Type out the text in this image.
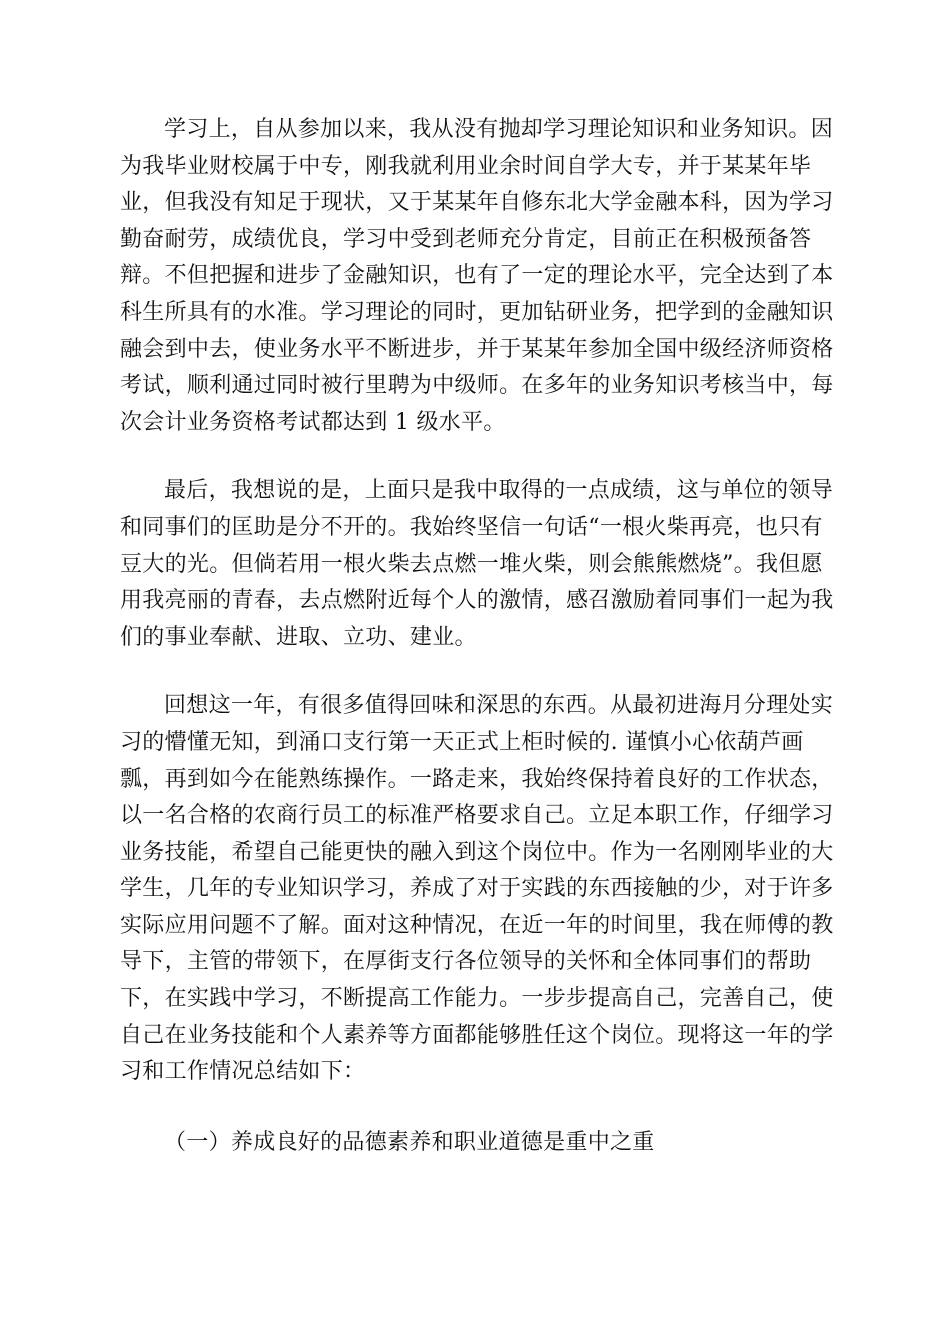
学习上，自从参加以来，我从没有抛却学习理论知识和业务知识。因
为我毕业财校属于中专，刚我就利用业余时间自学大专，并于某某年毕
业，但我没有知足于现状，又于某某年自修东北大学金融本科，因为学习
勤奋耐劳，成绩优良，学习中受到老师充分肯定，目前正在积极预备答
辩。不但把握和进步了金融知识，也有了一定的理论水平，完全达到了本
科生所具有的水准。学习理论的同时，更加钻研业务，把学到的金融知识
融会到中去，使业务水平不断进步，并于某某年参加全国中级经济师资格
考试，顺利通过同时被行里聘为中级师。在多年的业务知识考核当中，每
次会计业务资格考试都达到 1 级水平。
最后，我想说的是，上面只是我中取得的一点成绩，这与单位的领导
和同事们的匡助是分不开的。我始终坚信一句话“一根火柴再亮，也只有
豆大的光。但倘若用一根火柴去点燃一堆火柴，则会熊熊燃烧”。我但愿
用我亮丽的青春，去点燃附近每个人的激情，感召激励着同事们一起为我
们的事业奉献、进取、立功、建业。
回想这一年，有很多值得回味和深思的东西。从最初进海月分理处实
习的懵懂无知，到涌口支行第一天正式上柜时候的. 谨慎小心依葫芦画
瓢，再到如今在能熟练操作。一路走来，我始终保持着良好的工作状态，
以一名合格的农商行员工的标准严格要求自己。立足本职工作，仔细学习
业务技能，希望自己能更快的融入到这个岗位中。作为一名刚刚毕业的大
学生，几年的专业知识学习，养成了对于实践的东西接触的少，对于许多
实际应用问题不了解。面对这种情况，在近一年的时间里，我在师傅的教
导下，主管的带领下，在厚街支行各位领导的关怀和全体同事们的帮助
下，在实践中学习，不断提高工作能力。一步步提高自己，完善自己，使
自己在业务技能和个人素养等方面都能够胜任这个岗位。现将这一年的学
习和工作情况总结如下：
（一）养成良好的品德素养和职业道德是重中之重
